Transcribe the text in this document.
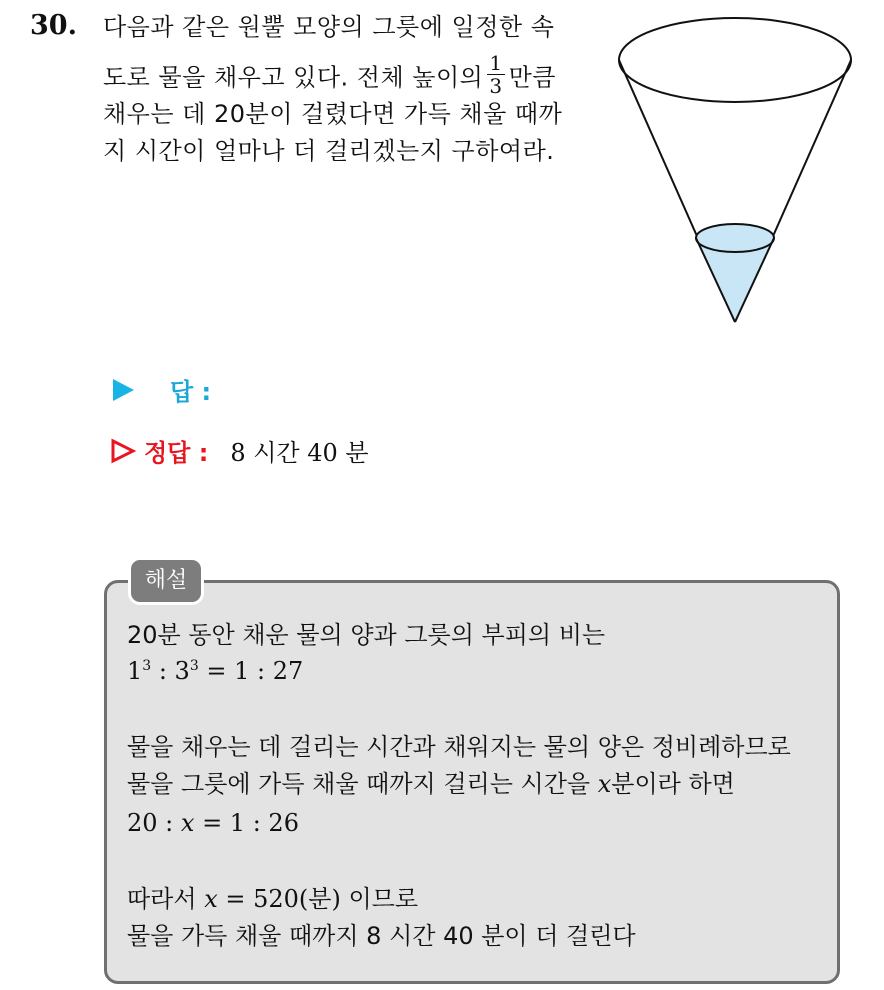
30. 다음과 같은 원뿔 모양의 그릇에 일정한 속
도로 물을 채우고 있다. 전체 높이의 $\frac{1}{3}$ 만큼
채우는 데 20분이 걸렸다면 가득 채울 때까
지 시간이 얼마나 더 걸리겠는지 구하여라.
답 :
정답 : 8 시간 40 분
해설
20분 동안 채운 물의 양과 그릇의 부피의 비는
$1^3$ : $3^3 = 1$ : 27
물을 채우는 데 걸리는 시간과 채워지는 물의 양은 정비례하므로
물을 그릇에 가득 채울 때까지 걸리는 시간을 x분이라 하면
20 : x = 1 : 26
따라서 x = 520(분) 이므로
물을 가득 채울 때까지 8 시간 40 분이 더 걸린다
